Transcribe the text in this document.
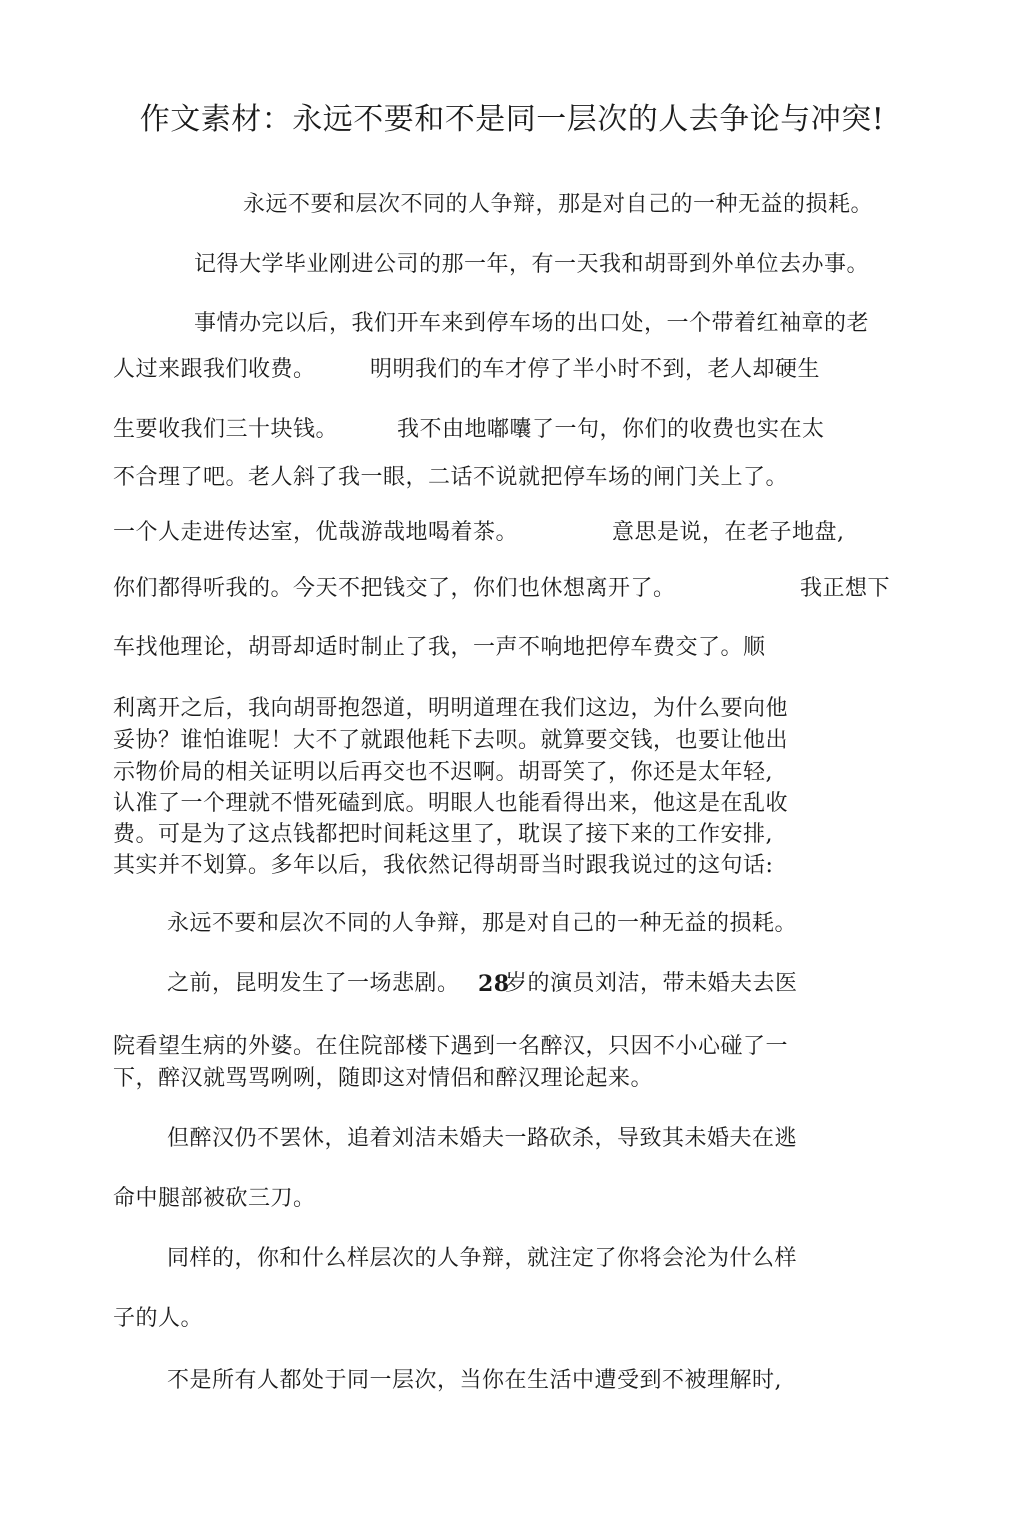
作文素材：永远不要和不是同一层次的人去争论与冲突!
永远不要和层次不同的人争辩，那是对自己的一种无益的损耗。
记得大学毕业刚进公司的那一年，有一天我和胡哥到外单位去办事。
事情办完以后，我们开车来到停车场的出口处，一个带着红袖章的老
人过来跟我们收费。 明明我们的车才停了半小时不到，老人却硬生
生要收我们三十块钱。	我不由地嘟囔了一句，你们的收费也实在太
不合理了吧。老人斜了我一眼，二话不说就把停车场的闸门关上了。
一个人走进传达室，优哉游哉地喝着茶。	意思是说，在老子地盘,
你们都得听我的。今天不把钱交了，你们也休想离开了。	我正想下
车找他理论，胡哥却适时制止了我，一声不响地把停车费交了。顺
利离开之后，我向胡哥抱怨道，明明道理在我们这边，为什么要向他
妥协？谁怕谁呢！大不了就跟他耗下去呗。就算要交钱，也要让他出
示物价局的相关证明以后再交也不迟啊。胡哥笑了，你还是太年轻,
认准了一个理就不惜死磕到底。明眼人也能看得出来，他这是在乱收
费。可是为了这点钱都把时间耗这里了，耽误了接下来的工作安排,
其实并不划算。多年以后，我依然记得胡哥当时跟我说过的这句话:
永远不要和层次不同的人争辩，那是对自己的一种无益的损耗。
之前，昆明发生了一场悲剧。 28
岁的演员刘洁，带未婚夫去医
院看望生病的外婆。在住院部楼下遇到一名醉汉，只因不小心碰了一
下，醉汉就骂骂咧咧，随即这对情侣和醉汉理论起来。
但醉汉仍不罢休，追着刘洁未婚夫一路砍杀，导致其未婚夫在逃
命中腿部被砍三刀。
同样的，你和什么样层次的人争辩，就注定了你将会沦为什么样
子的人。
不是所有人都处于同一层次，当你在生活中遭受到不被理解时,
